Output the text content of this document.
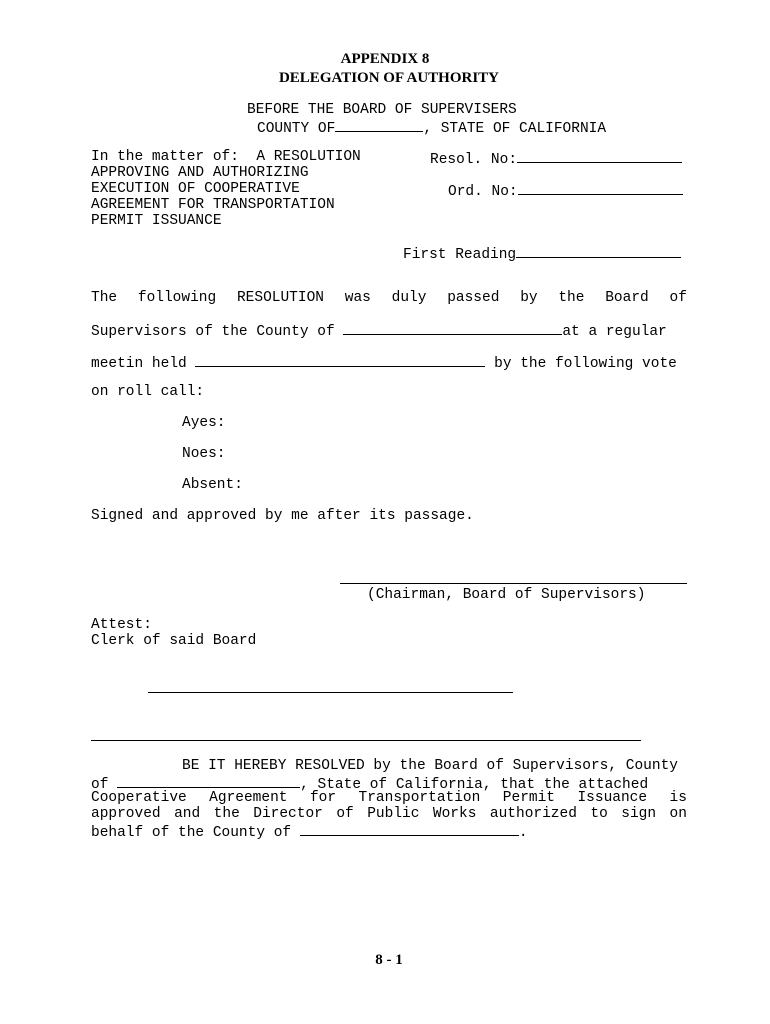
APPENDIX 8
DELEGATION OF AUTHORITY
BEFORE THE BOARD OF SUPERVISERS
COUNTY OF	, STATE OF CALIFORNIA
In the matter of:  A RESOLUTION
APPROVING AND AUTHORIZING
EXECUTION OF COOPERATIVE
AGREEMENT FOR TRANSPORTATION
PERMIT ISSUANCE
Resol. No:
Ord. No:
First Reading
The following RESOLUTION was duly passed by the Board of
Supervisors of the County of	at a regular
meetin held	by the following vote
on roll call:
Ayes:
Noes:
Absent:
Signed and approved by me after its passage.
(Chairman, Board of Supervisors)
Attest:
Clerk of said Board
BE IT HEREBY RESOLVED by the Board of Supervisors, County
of	, State of California, that the attached
Cooperative Agreement for Transportation Permit Issuance is
approved and the Director of Public Works authorized to sign on
behalf of the County of	.
8 - 1
